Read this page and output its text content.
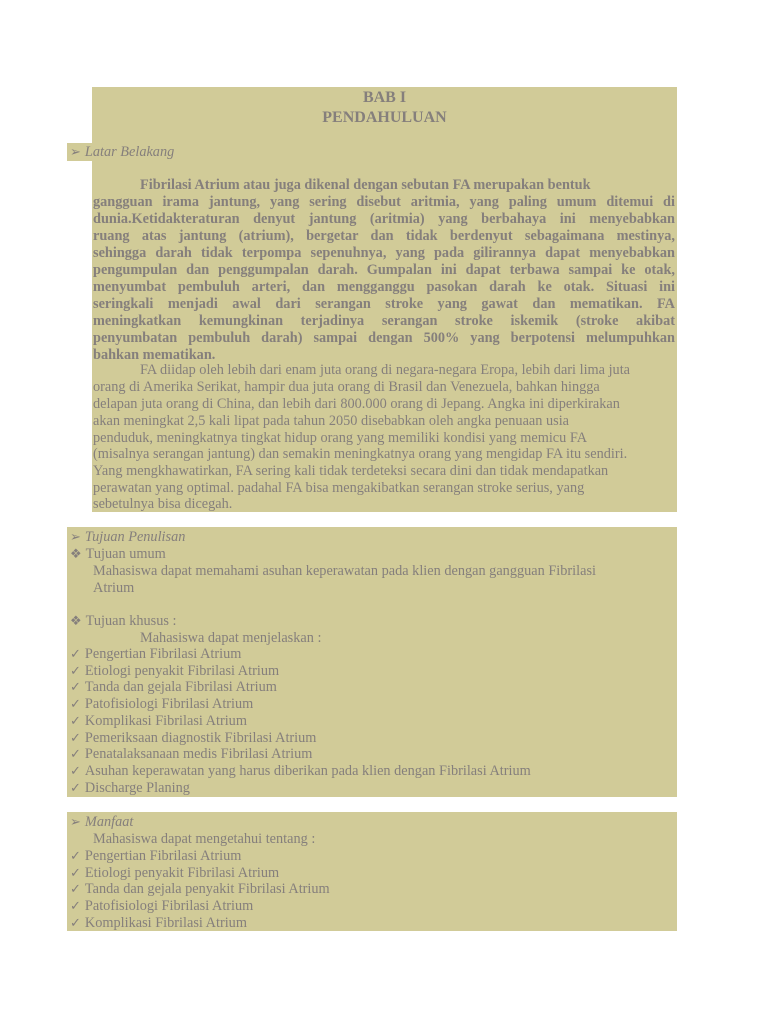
BAB I
PENDAHULUAN
➢ Latar Belakang
Fibrilasi Atrium atau juga dikenal dengan sebutan FA merupakan bentuk
gangguan irama jantung, yang sering disebut aritmia, yang paling umum ditemui di
dunia.Ketidakteraturan denyut jantung (aritmia) yang berbahaya ini menyebabkan
ruang atas jantung (atrium), bergetar dan tidak berdenyut sebagaimana mestinya,
sehingga darah tidak terpompa sepenuhnya, yang pada gilirannya dapat menyebabkan
pengumpulan dan penggumpalan darah. Gumpalan ini dapat terbawa sampai ke otak,
menyumbat pembuluh arteri, dan mengganggu pasokan darah ke otak. Situasi ini
seringkali menjadi awal dari serangan stroke yang gawat dan mematikan. FA
meningkatkan kemungkinan terjadinya serangan stroke iskemik (stroke akibat
penyumbatan pembuluh darah) sampai dengan 500% yang berpotensi melumpuhkan
bahkan mematikan.
FA diidap oleh lebih dari enam juta orang di negara-negara Eropa, lebih dari lima juta
orang di Amerika Serikat, hampir dua juta orang di Brasil dan Venezuela, bahkan hingga
delapan juta orang di China, dan lebih dari 800.000 orang di Jepang. Angka ini diperkirakan
akan meningkat 2,5 kali lipat pada tahun 2050 disebabkan oleh angka penuaan usia
penduduk, meningkatnya tingkat hidup orang yang memiliki kondisi yang memicu FA
(misalnya serangan jantung) dan semakin meningkatnya orang yang mengidap FA itu sendiri.
Yang mengkhawatirkan, FA sering kali tidak terdeteksi secara dini dan tidak mendapatkan
perawatan yang optimal. padahal FA bisa mengakibatkan serangan stroke serius, yang
sebetulnya bisa dicegah.
➢ Tujuan Penulisan
❖ Tujuan umum
Mahasiswa dapat memahami asuhan keperawatan pada klien dengan gangguan Fibrilasi
Atrium
❖ Tujuan khusus :
Mahasiswa dapat menjelaskan :
✓ Pengertian Fibrilasi Atrium
✓ Etiologi penyakit Fibrilasi Atrium
✓ Tanda dan gejala Fibrilasi Atrium
✓ Patofisiologi Fibrilasi Atrium
✓ Komplikasi Fibrilasi Atrium
✓ Pemeriksaan diagnostik Fibrilasi Atrium
✓ Penatalaksanaan medis Fibrilasi Atrium
✓ Asuhan keperawatan yang harus diberikan pada klien dengan Fibrilasi Atrium
✓ Discharge Planing
➢ Manfaat
Mahasiswa dapat mengetahui tentang :
✓ Pengertian Fibrilasi Atrium
✓ Etiologi penyakit Fibrilasi Atrium
✓ Tanda dan gejala penyakit Fibrilasi Atrium
✓ Patofisiologi Fibrilasi Atrium
✓ Komplikasi Fibrilasi Atrium
